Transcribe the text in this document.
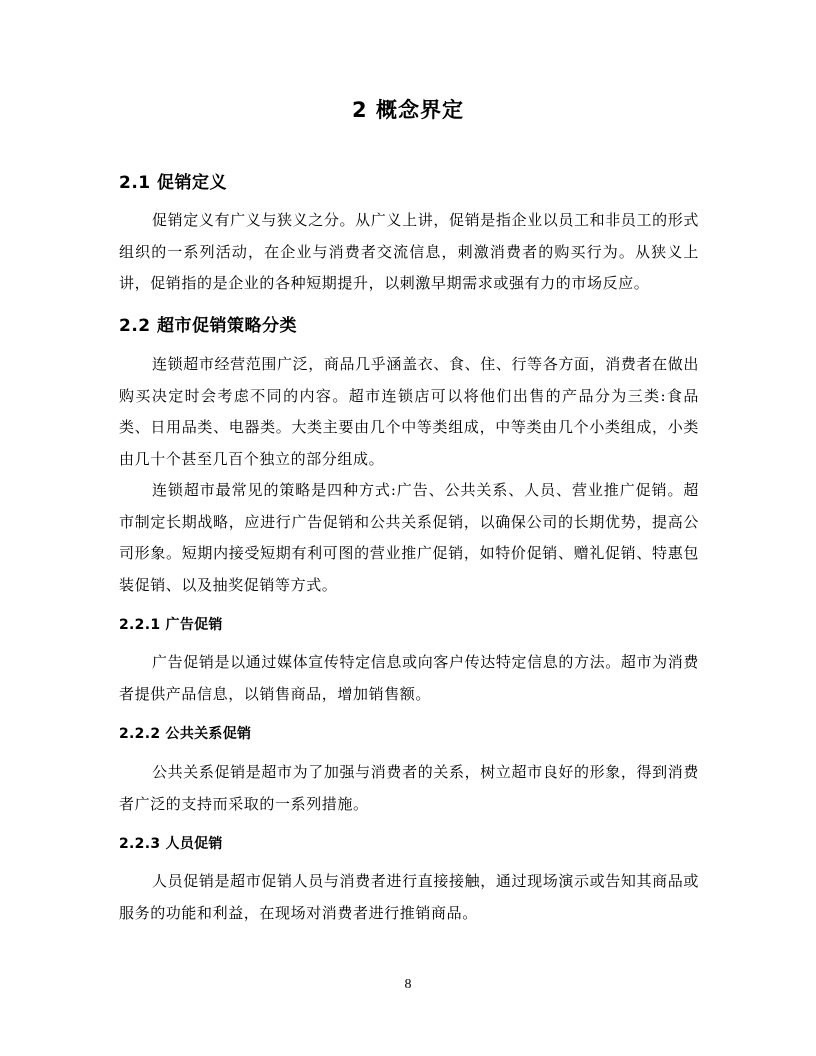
2 概念界定
2.1 促销定义

促销定义有广义与狭义之分。从广义上讲，促销是指企业以员工和非员工的形式组织的一系列活动，在企业与消费者交流信息，刺激消费者的购买行为。从狭义上讲，促销指的是企业的各种短期提升，以刺激早期需求或强有力的市场反应。

2.2 超市促销策略分类

连锁超市经营范围广泛，商品几乎涵盖衣、食、住、行等各方面，消费者在做出购买决定时会考虑不同的内容。超市连锁店可以将他们出售的产品分为三类:食品类、日用品类、电器类。大类主要由几个中等类组成，中等类由几个小类组成，小类由几十个甚至几百个独立的部分组成。

连锁超市最常见的策略是四种方式:广告、公共关系、人员、营业推广促销。超市制定长期战略，应进行广告促销和公共关系促销，以确保公司的长期优势，提高公司形象。短期内接受短期有利可图的营业推广促销，如特价促销、赠礼促销、特惠包装促销、以及抽奖促销等方式。

2.2.1 广告促销

广告促销是以通过媒体宣传特定信息或向客户传达特定信息的方法。超市为消费者提供产品信息，以销售商品，增加销售额。

2.2.2 公共关系促销

公共关系促销是超市为了加强与消费者的关系，树立超市良好的形象，得到消费者广泛的支持而采取的一系列措施。

2.2.3 人员促销

人员促销是超市促销人员与消费者进行直接接触，通过现场演示或告知其商品或服务的功能和利益，在现场对消费者进行推销商品。

8
